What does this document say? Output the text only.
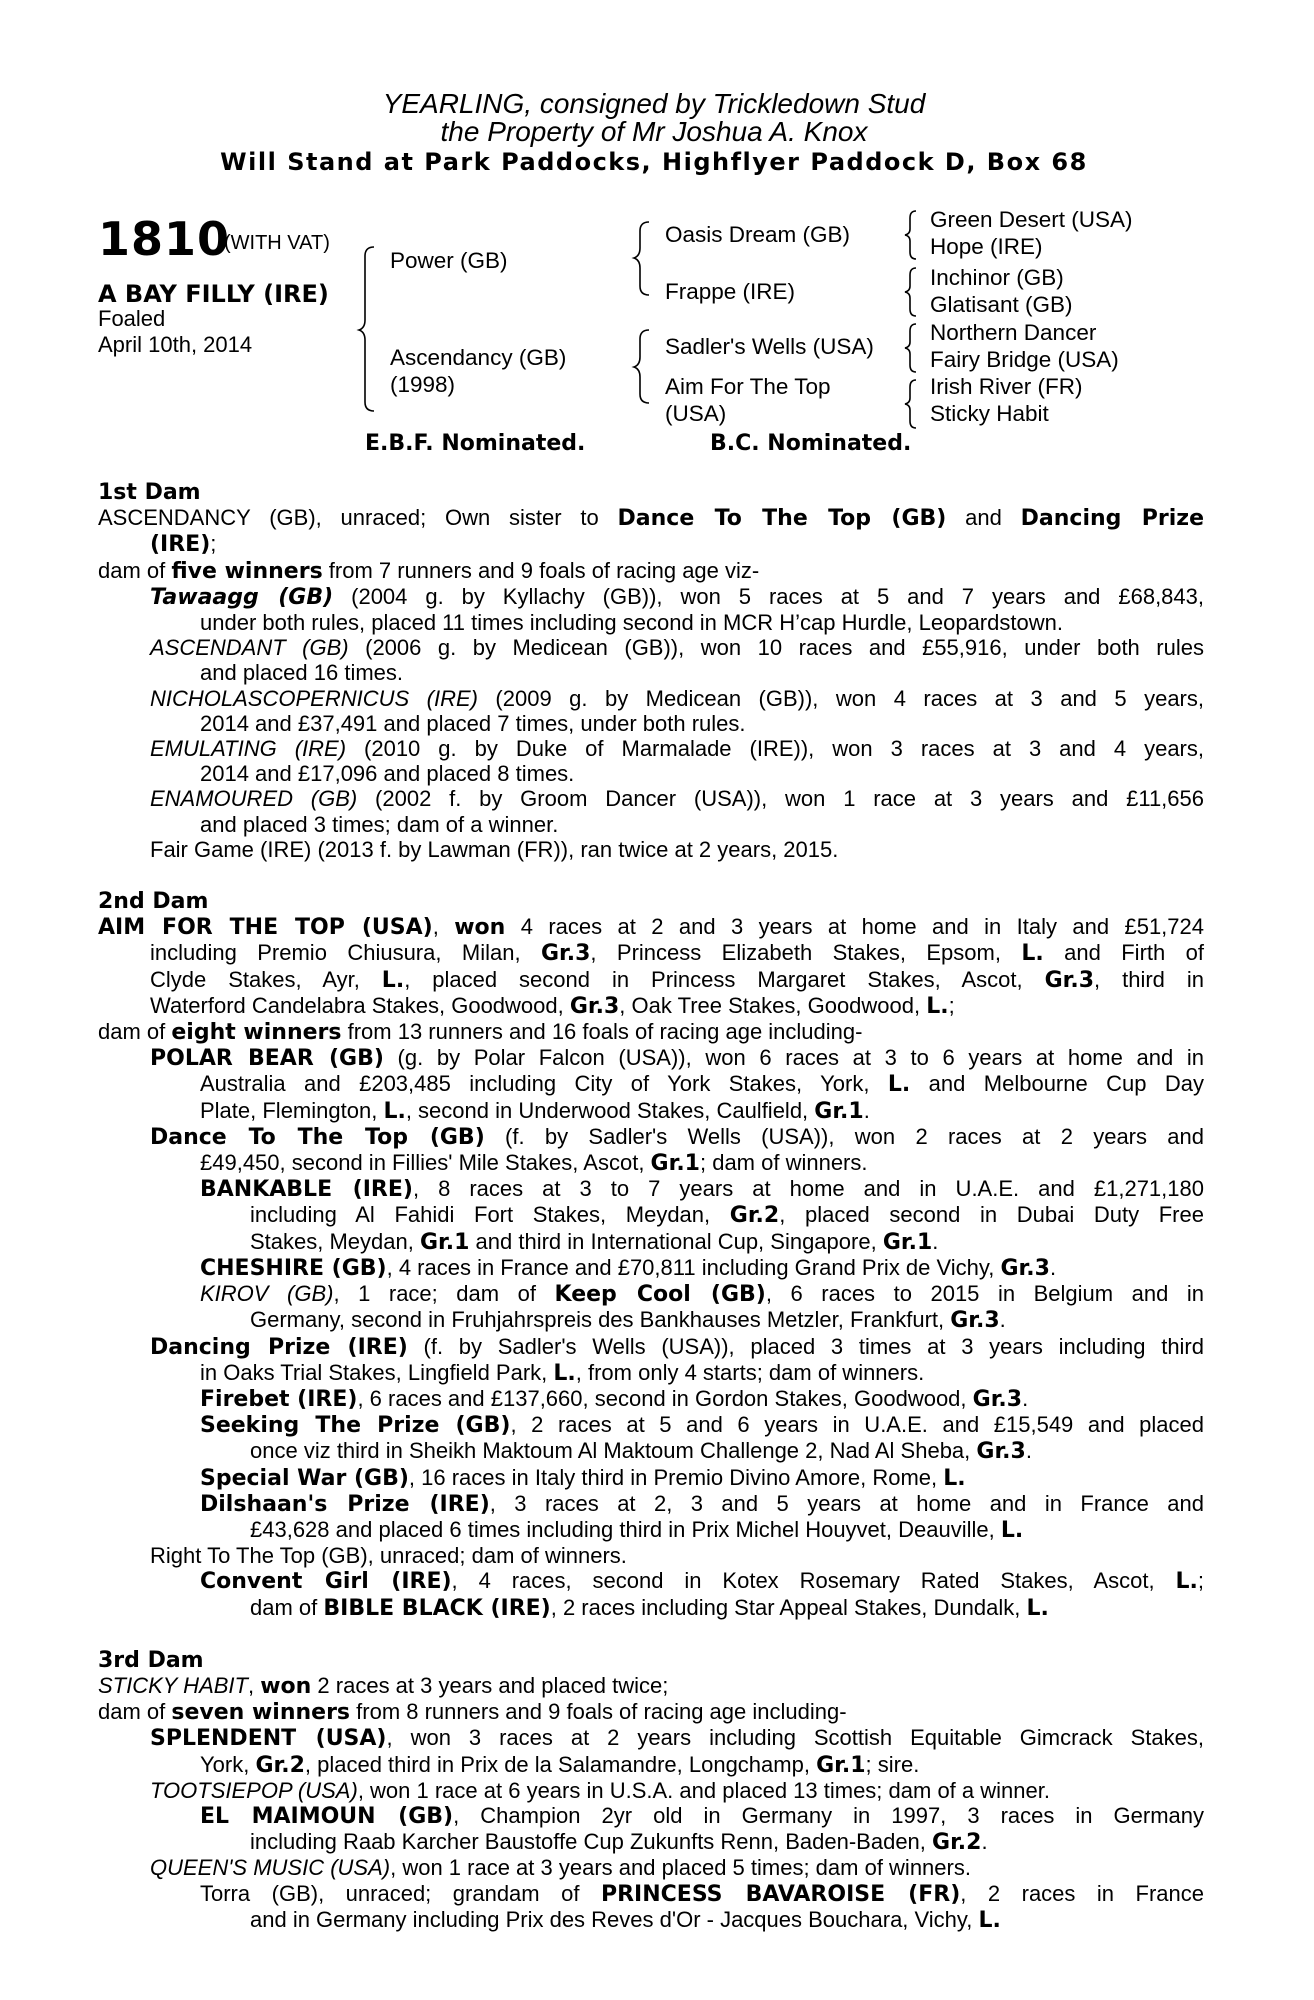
YEARLING, consigned by Trickledown Stud
the Property of Mr Joshua A. Knox
Will Stand at Park Paddocks, Highflyer Paddock D, Box 68
1810
(WITH VAT)
A BAY FILLY (IRE)
Foaled
April 10th, 2014
Power (GB)
Ascendancy (GB)
(1998)
Oasis Dream (GB)
Frappe (IRE)
Sadler's Wells (USA)
Aim For The Top
(USA)
Green Desert (USA)
Hope (IRE)
Inchinor (GB)
Glatisant (GB)
Northern Dancer
Fairy Bridge (USA)
Irish River (FR)
Sticky Habit
E.B.F. Nominated.	B.C. Nominated.
1st Dam
ASCENDANCY (GB), unraced; Own sister to Dance To The Top (GB) and Dancing Prize
(IRE);
dam of five winners from 7 runners and 9 foals of racing age viz-
Tawaagg (GB) (2004 g. by Kyllachy (GB)), won 5 races at 5 and 7 years and £68,843,
under both rules, placed 11 times including second in MCR H’cap Hurdle, Leopardstown.
ASCENDANT (GB) (2006 g. by Medicean (GB)), won 10 races and £55,916, under both rules
and placed 16 times.
NICHOLASCOPERNICUS (IRE) (2009 g. by Medicean (GB)), won 4 races at 3 and 5 years,
2014 and £37,491 and placed 7 times, under both rules.
EMULATING (IRE) (2010 g. by Duke of Marmalade (IRE)), won 3 races at 3 and 4 years,
2014 and £17,096 and placed 8 times.
ENAMOURED (GB) (2002 f. by Groom Dancer (USA)), won 1 race at 3 years and £11,656
and placed 3 times; dam of a winner.
Fair Game (IRE) (2013 f. by Lawman (FR)), ran twice at 2 years, 2015.
2nd Dam
AIM FOR THE TOP (USA), won 4 races at 2 and 3 years at home and in Italy and £51,724
including Premio Chiusura, Milan, Gr.3, Princess Elizabeth Stakes, Epsom, L. and Firth of
Clyde Stakes, Ayr, L., placed second in Princess Margaret Stakes, Ascot, Gr.3, third in
Waterford Candelabra Stakes, Goodwood, Gr.3, Oak Tree Stakes, Goodwood, L.;
dam of eight winners from 13 runners and 16 foals of racing age including-
POLAR BEAR (GB) (g. by Polar Falcon (USA)), won 6 races at 3 to 6 years at home and in
Australia and £203,485 including City of York Stakes, York, L. and Melbourne Cup Day
Plate, Flemington, L., second in Underwood Stakes, Caulfield, Gr.1.
Dance To The Top (GB) (f. by Sadler's Wells (USA)), won 2 races at 2 years and
£49,450, second in Fillies' Mile Stakes, Ascot, Gr.1; dam of winners.
BANKABLE (IRE), 8 races at 3 to 7 years at home and in U.A.E. and £1,271,180
including Al Fahidi Fort Stakes, Meydan, Gr.2, placed second in Dubai Duty Free
Stakes, Meydan, Gr.1 and third in International Cup, Singapore, Gr.1.
CHESHIRE (GB), 4 races in France and £70,811 including Grand Prix de Vichy, Gr.3.
KIROV (GB), 1 race; dam of Keep Cool (GB), 6 races to 2015 in Belgium and in
Germany, second in Fruhjahrspreis des Bankhauses Metzler, Frankfurt, Gr.3.
Dancing Prize (IRE) (f. by Sadler's Wells (USA)), placed 3 times at 3 years including third
in Oaks Trial Stakes, Lingfield Park, L., from only 4 starts; dam of winners.
Firebet (IRE), 6 races and £137,660, second in Gordon Stakes, Goodwood, Gr.3.
Seeking The Prize (GB), 2 races at 5 and 6 years in U.A.E. and £15,549 and placed
once viz third in Sheikh Maktoum Al Maktoum Challenge 2, Nad Al Sheba, Gr.3.
Special War (GB), 16 races in Italy third in Premio Divino Amore, Rome, L.
Dilshaan's Prize (IRE), 3 races at 2, 3 and 5 years at home and in France and
£43,628 and placed 6 times including third in Prix Michel Houyvet, Deauville, L.
Right To The Top (GB), unraced; dam of winners.
Convent Girl (IRE), 4 races, second in Kotex Rosemary Rated Stakes, Ascot, L.;
dam of BIBLE BLACK (IRE), 2 races including Star Appeal Stakes, Dundalk, L.
3rd Dam
STICKY HABIT, won 2 races at 3 years and placed twice;
dam of seven winners from 8 runners and 9 foals of racing age including-
SPLENDENT (USA), won 3 races at 2 years including Scottish Equitable Gimcrack Stakes,
York, Gr.2, placed third in Prix de la Salamandre, Longchamp, Gr.1; sire.
TOOTSIEPOP (USA), won 1 race at 6 years in U.S.A. and placed 13 times; dam of a winner.
EL MAIMOUN (GB), Champion 2yr old in Germany in 1997, 3 races in Germany
including Raab Karcher Baustoffe Cup Zukunfts Renn, Baden-Baden, Gr.2.
QUEEN'S MUSIC (USA), won 1 race at 3 years and placed 5 times; dam of winners.
Torra (GB), unraced; grandam of PRINCESS BAVAROISE (FR), 2 races in France
and in Germany including Prix des Reves d'Or - Jacques Bouchara, Vichy, L.
